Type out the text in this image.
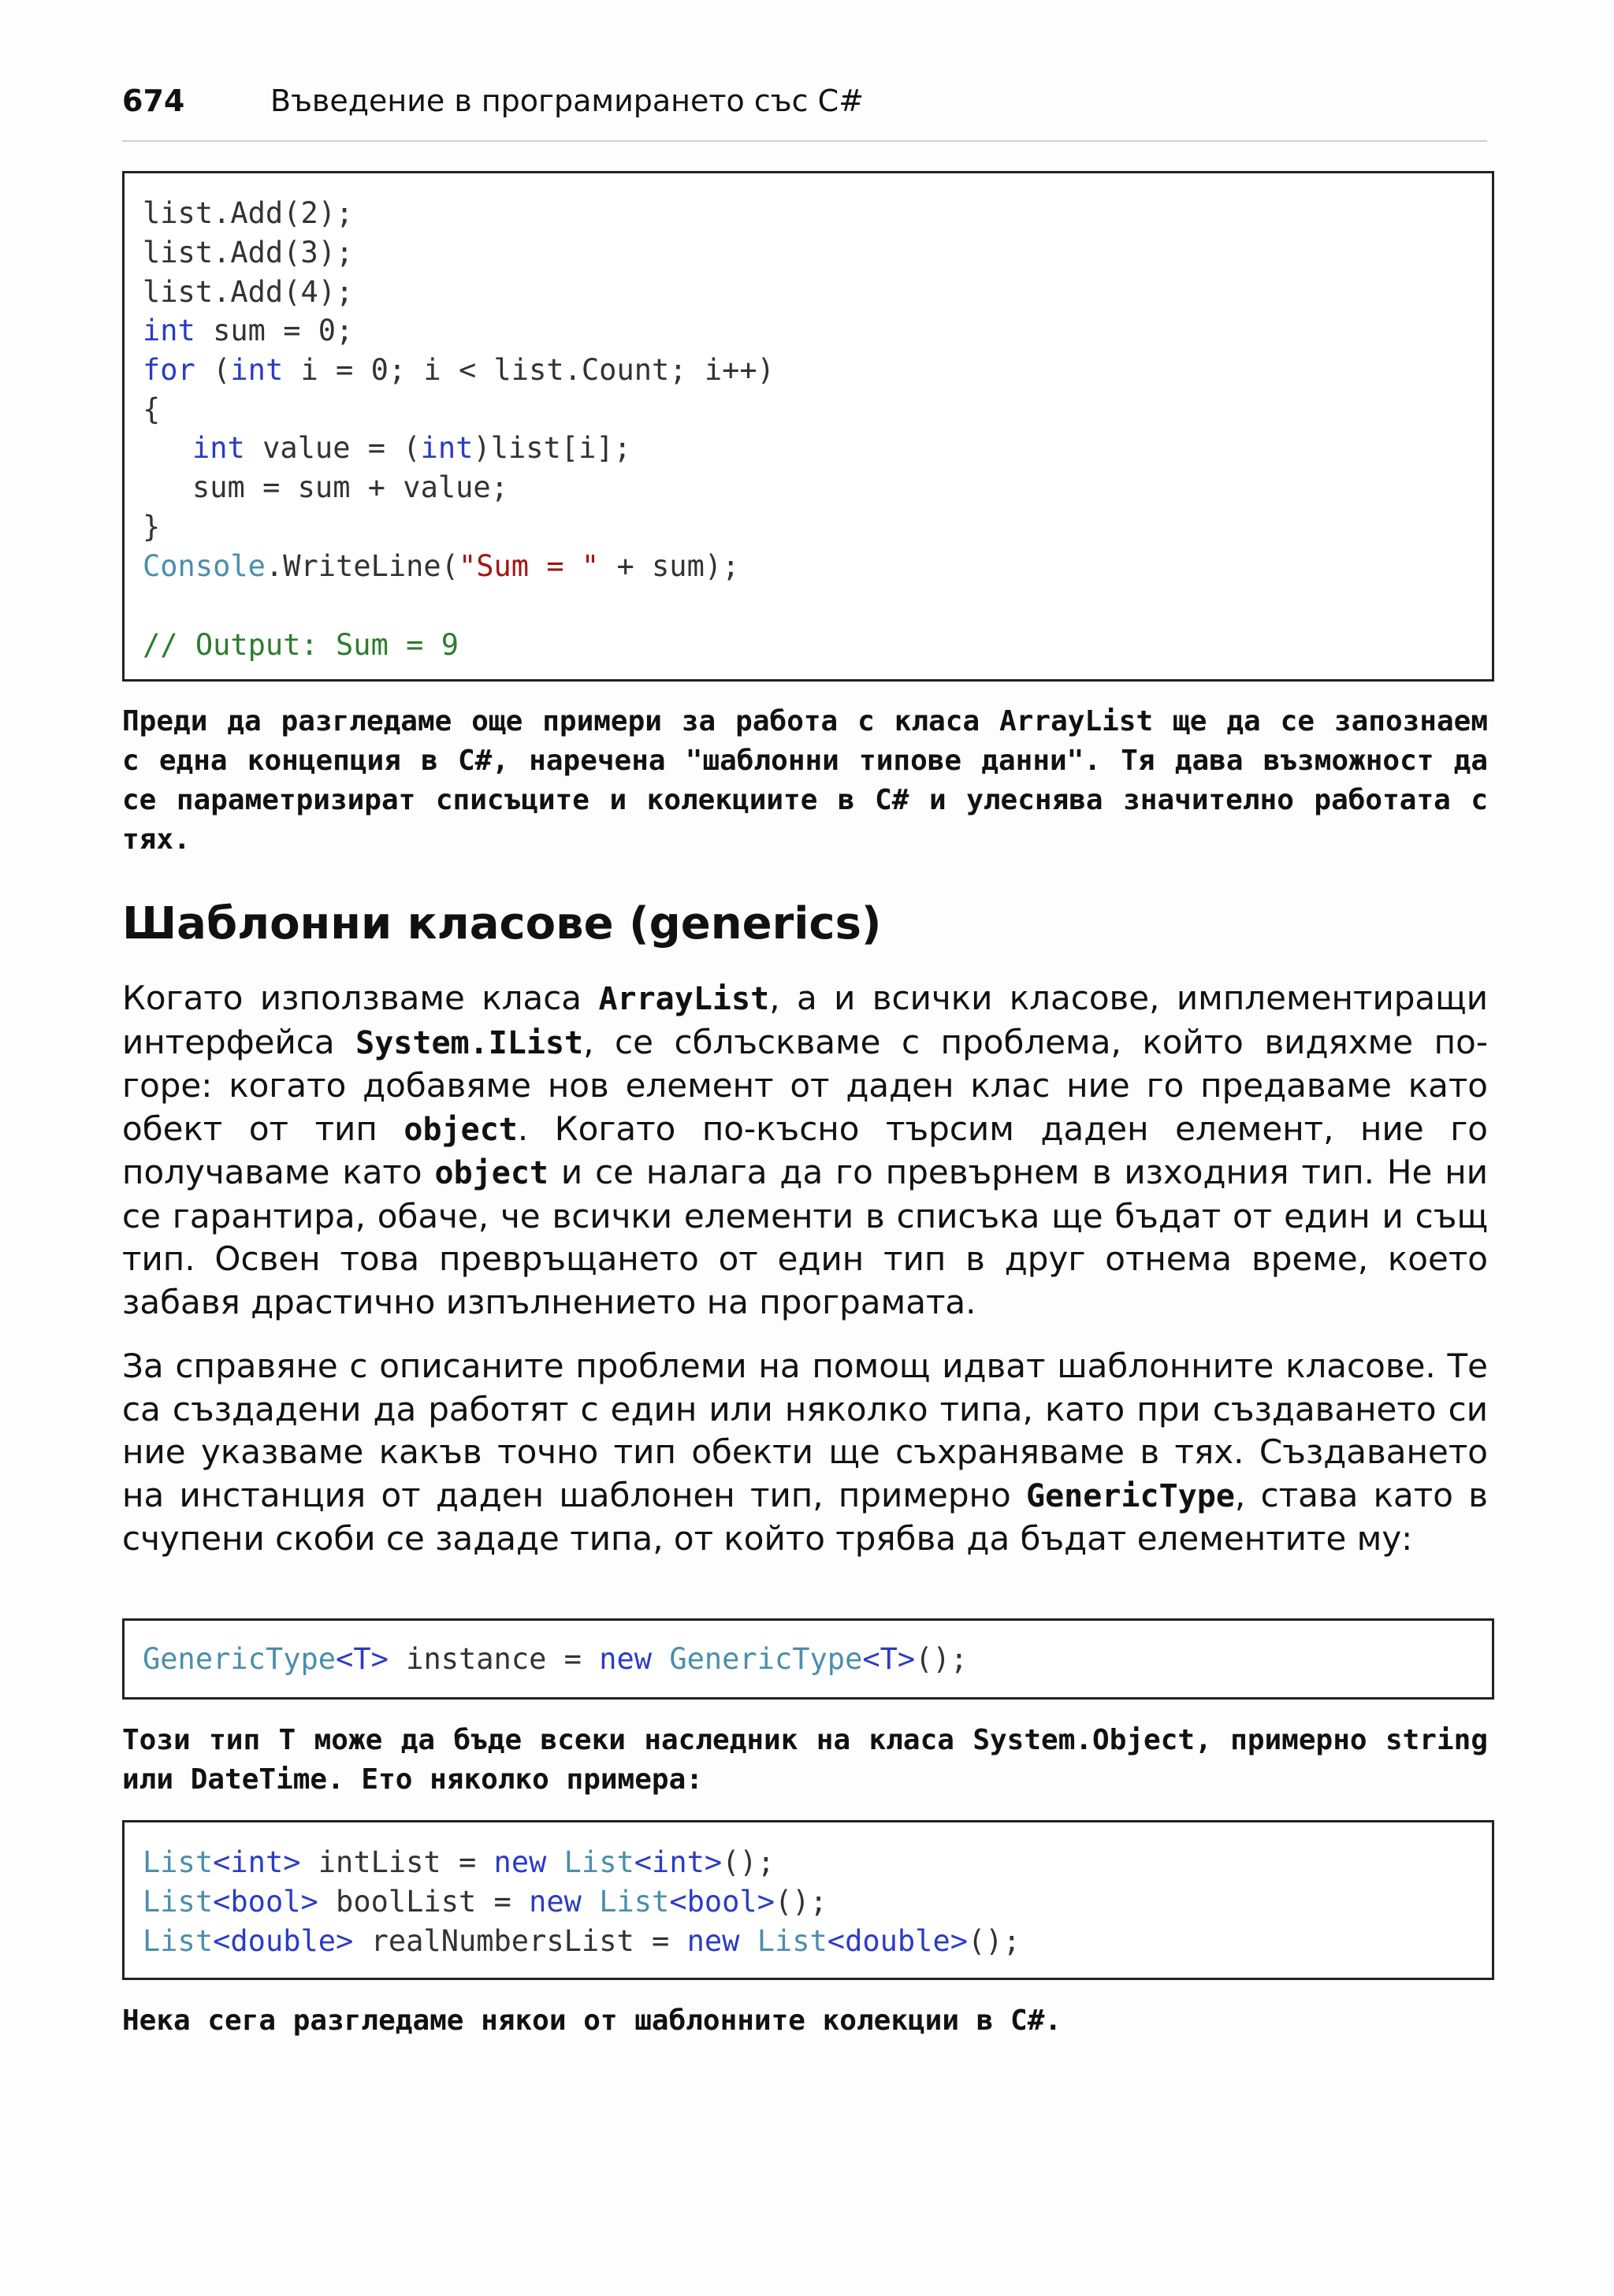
674	Въведение в програмирането със C#
list.Add(2);
list.Add(3);
list.Add(4);
int sum = 0;
for (int i = 0; i < list.Count; i++)
{
int value = (int)list[i];
sum = sum + value;
}
Console.WriteLine("Sum = " + sum);
// Output: Sum = 9
Преди да разгледаме още примери за работа с класа ArrayList ще да се запознаем с една концепция в C#, наречена "шаблонни типове данни". Тя дава възможност да се параметризират списъците и колекциите в C# и улеснява значително работата с тях.
Шаблонни класове (generics)
Когато използваме класа ArrayList, а и всички класове, имплементиращи интерфейса System.IList, се сблъскваме с проблема, който видяхме по-горе: когато добавяме нов елемент от даден клас ние го предаваме като обект от тип object. Когато по-късно търсим даден елемент, ние го получаваме като object и се налага да го превърнем в изходния тип. Не ни се гарантира, обаче, че всички елементи в списъка ще бъдат от един и същ тип. Освен това превръщането от един тип в друг отнема време, което забавя драстично изпълнението на програмата.
За справяне с описаните проблеми на помощ идват шаблонните класове. Те са създадени да работят с един или няколко типа, като при създаването си ние указваме какъв точно тип обекти ще съхраняваме в тях. Създаването на инстанция от даден шаблонен тип, примерно GenericType, става като в счупени скоби се зададе типа, от който трябва да бъдат елементите му:
GenericType<T> instance = new GenericType<T>();
Този тип T може да бъде всеки наследник на класа System.Object, примерно string или DateTime. Ето няколко примера:
List<int> intList = new List<int>();
List<bool> boolList = new List<bool>();
List<double> realNumbersList = new List<double>();
Нека сега разгледаме някои от шаблонните колекции в C#.
